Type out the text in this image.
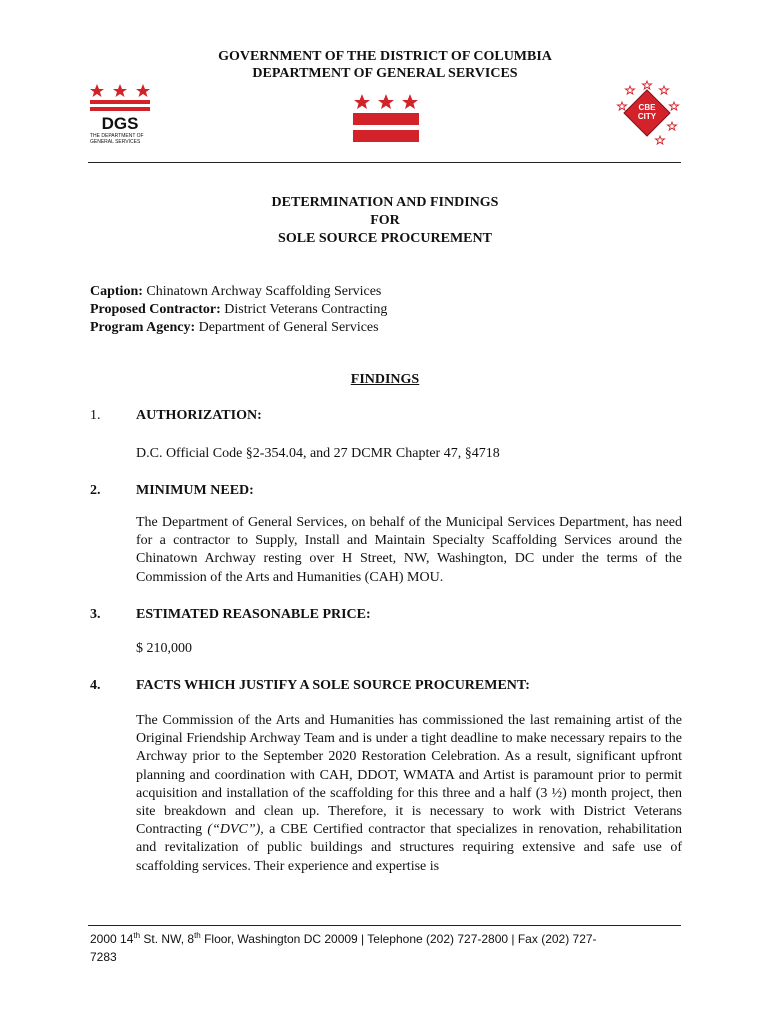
GOVERNMENT OF THE DISTRICT OF COLUMBIA
DEPARTMENT OF GENERAL SERVICES
DGS
THE DEPARTMENT OF
GENERAL SERVICES
CBE
CITY
DETERMINATION AND FINDINGS
FOR
SOLE SOURCE PROCUREMENT
Caption: Chinatown Archway Scaffolding Services
Proposed Contractor: District Veterans Contracting
Program Agency: Department of General Services
FINDINGS
1.	AUTHORIZATION:
D.C. Official Code §2-354.04, and 27 DCMR Chapter 47, §4718
2.	MINIMUM NEED:
The Department of General Services, on behalf of the Municipal Services Department, has need for a contractor to Supply, Install and Maintain Specialty Scaffolding Services around the Chinatown Archway resting over H Street, NW, Washington, DC under the terms of the Commission of the Arts and Humanities (CAH) MOU.
3.	ESTIMATED REASONABLE PRICE:
$ 210,000
4.	FACTS WHICH JUSTIFY A SOLE SOURCE PROCUREMENT:
The Commission of the Arts and Humanities has commissioned the last remaining artist of the Original Friendship Archway Team and is under a tight deadline to make necessary repairs to the Archway prior to the September 2020 Restoration Celebration. As a result, significant upfront planning and coordination with CAH, DDOT, WMATA and Artist is paramount prior to permit acquisition and installation of the scaffolding for this three and a half (3 ½) month project, then site breakdown and clean up. Therefore, it is necessary to work with District Veterans Contracting (“DVC”), a CBE Certified contractor that specializes in renovation, rehabilitation and revitalization of public buildings and structures requiring extensive and safe use of scaffolding services. Their experience and expertise is
2000 14th St. NW, 8th Floor, Washington DC 20009 | Telephone (202) 727-2800 | Fax (202) 727-
7283
